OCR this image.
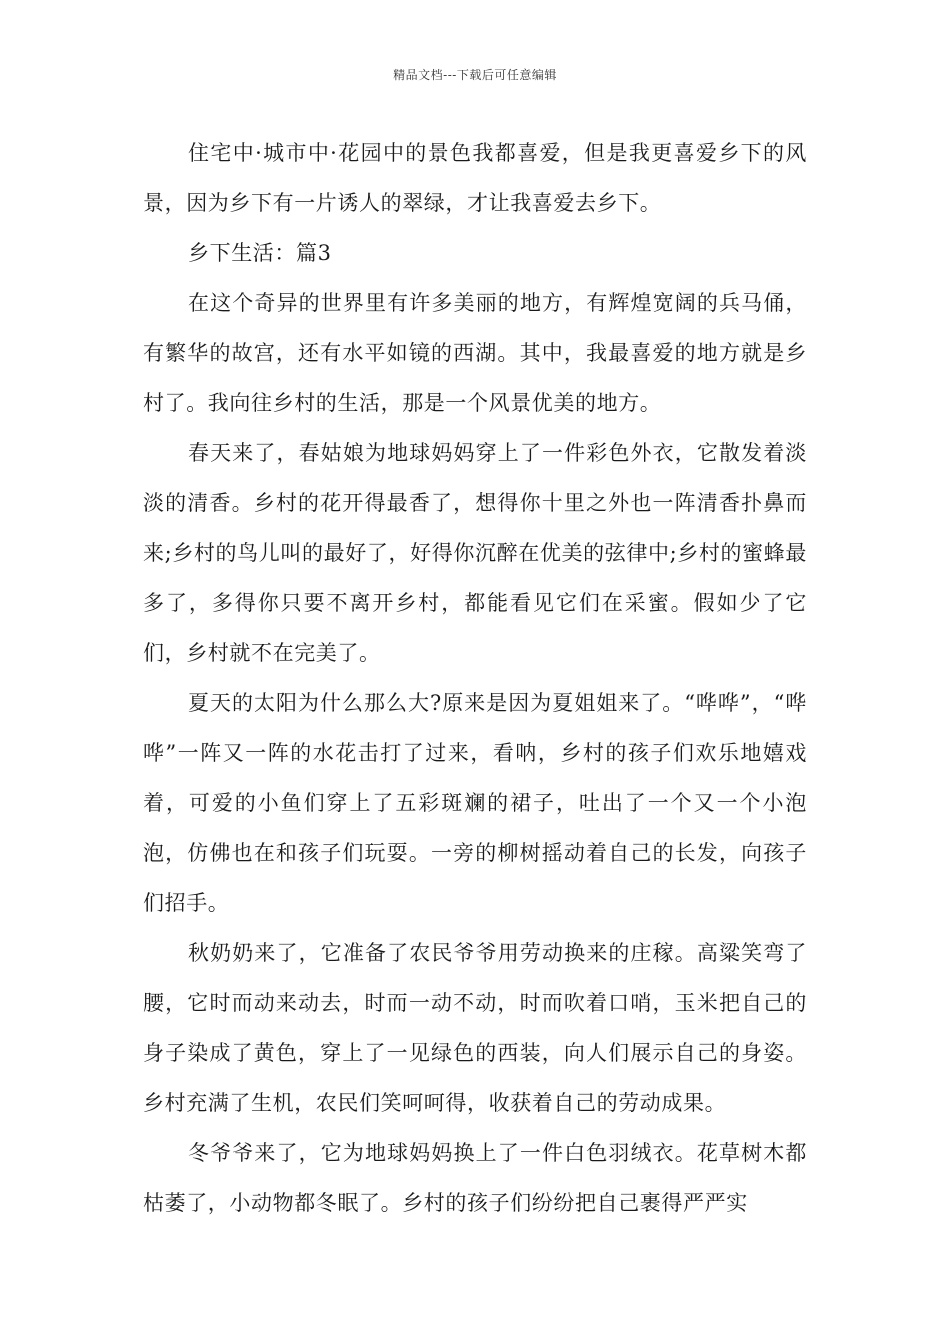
精品文档---下载后可任意编辑

住宅中·城市中·花园中的景色我都喜爱，但是我更喜爱乡下的风景，因为乡下有一片诱人的翠绿，才让我喜爱去乡下。

乡下生活：篇3

在这个奇异的世界里有许多美丽的地方，有辉煌宽阔的兵马俑，有繁华的故宫，还有水平如镜的西湖。其中，我最喜爱的地方就是乡村了。我向往乡村的生活，那是一个风景优美的地方。

春天来了，春姑娘为地球妈妈穿上了一件彩色外衣，它散发着淡淡的清香。乡村的花开得最香了，想得你十里之外也一阵清香扑鼻而来;乡村的鸟儿叫的最好了，好得你沉醉在优美的弦律中;乡村的蜜蜂最多了，多得你只要不离开乡村，都能看见它们在采蜜。假如少了它们，乡村就不在完美了。

夏天的太阳为什么那么大?原来是因为夏姐姐来了。“哗哗”，“哗哗”一阵又一阵的水花击打了过来，看呐，乡村的孩子们欢乐地嬉戏着，可爱的小鱼们穿上了五彩斑斓的裙子，吐出了一个又一个小泡泡，仿佛也在和孩子们玩耍。一旁的柳树摇动着自己的长发，向孩子们招手。

秋奶奶来了，它准备了农民爷爷用劳动换来的庄稼。高粱笑弯了腰，它时而动来动去，时而一动不动，时而吹着口哨，玉米把自己的身子染成了黄色，穿上了一见绿色的西装，向人们展示自己的身姿。乡村充满了生机，农民们笑呵呵得，收获着自己的劳动成果。

冬爷爷来了，它为地球妈妈换上了一件白色羽绒衣。花草树木都枯萎了，小动物都冬眠了。乡村的孩子们纷纷把自己裹得严严实
